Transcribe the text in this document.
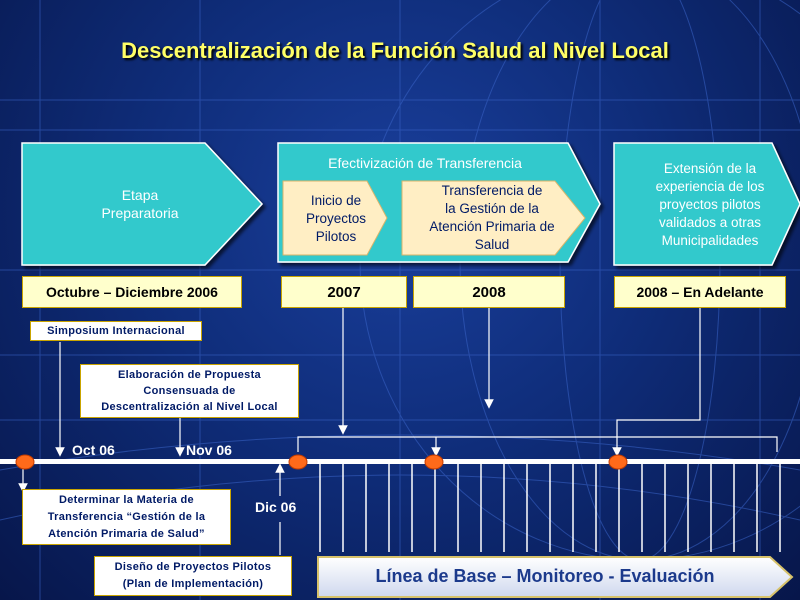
Descentralización de la Función Salud al Nivel Local
Etapa
Preparatoria
Efectivización de Transferencia
Inicio de
Proyectos
Pilotos
Transferencia de
la Gestión de la
Atención Primaria de
Salud
Extensión de la
experiencia de los
proyectos pilotos
validados a otras
Municipalidades
Octubre – Diciembre 2006	2007	2008	2008 – En Adelante
Simposium Internacional
Elaboración de Propuesta
Consensuada de
Descentralización al Nivel Local
Determinar la Materia de
Transferencia “Gestión de la
Atención Primaria de Salud”
Diseño de Proyectos Pilotos
(Plan de Implementación)
Oct 06	Nov 06
Dic 06
Línea de Base – Monitoreo - Evaluación
